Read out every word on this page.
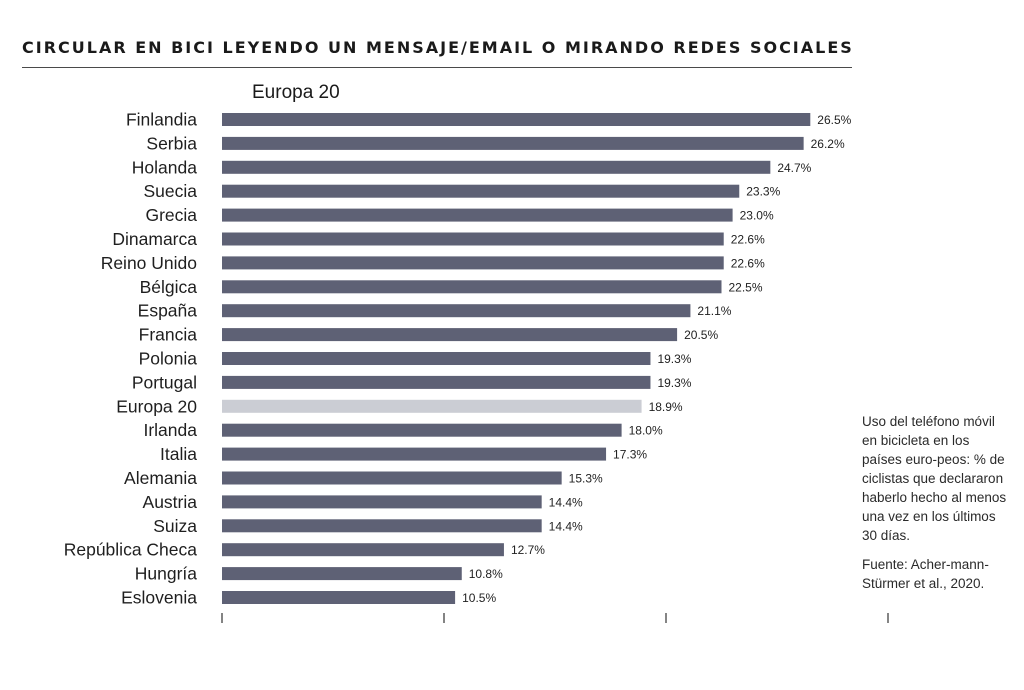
CIRCULAR EN BICI LEYENDO UN MENSAJE/EMAIL O MIRANDO REDES SOCIALES
Europa 20
Finlandia	26.5%
Serbia	26.2%
Holanda	24.7%
Suecia	23.3%
Grecia	23.0%
Dinamarca	22.6%
Reino Unido	22.6%
Bélgica	22.5%
España	21.1%
Francia	20.5%
Polonia	19.3%
Portugal	19.3%
Europa 20	18.9%
Irlanda	18.0%
Italia	17.3%
Alemania	15.3%
Austria	14.4%
Suiza	14.4%
República Checa	12.7%
Hungría	10.8%
Eslovenia	10.5%

Uso del teléfono móvil en bicicleta en los países euro-peos: % de ciclistas que declararon haberlo hecho al menos una vez en los últimos 30 días.

Fuente: Acher-mann-Stürmer et al., 2020.
